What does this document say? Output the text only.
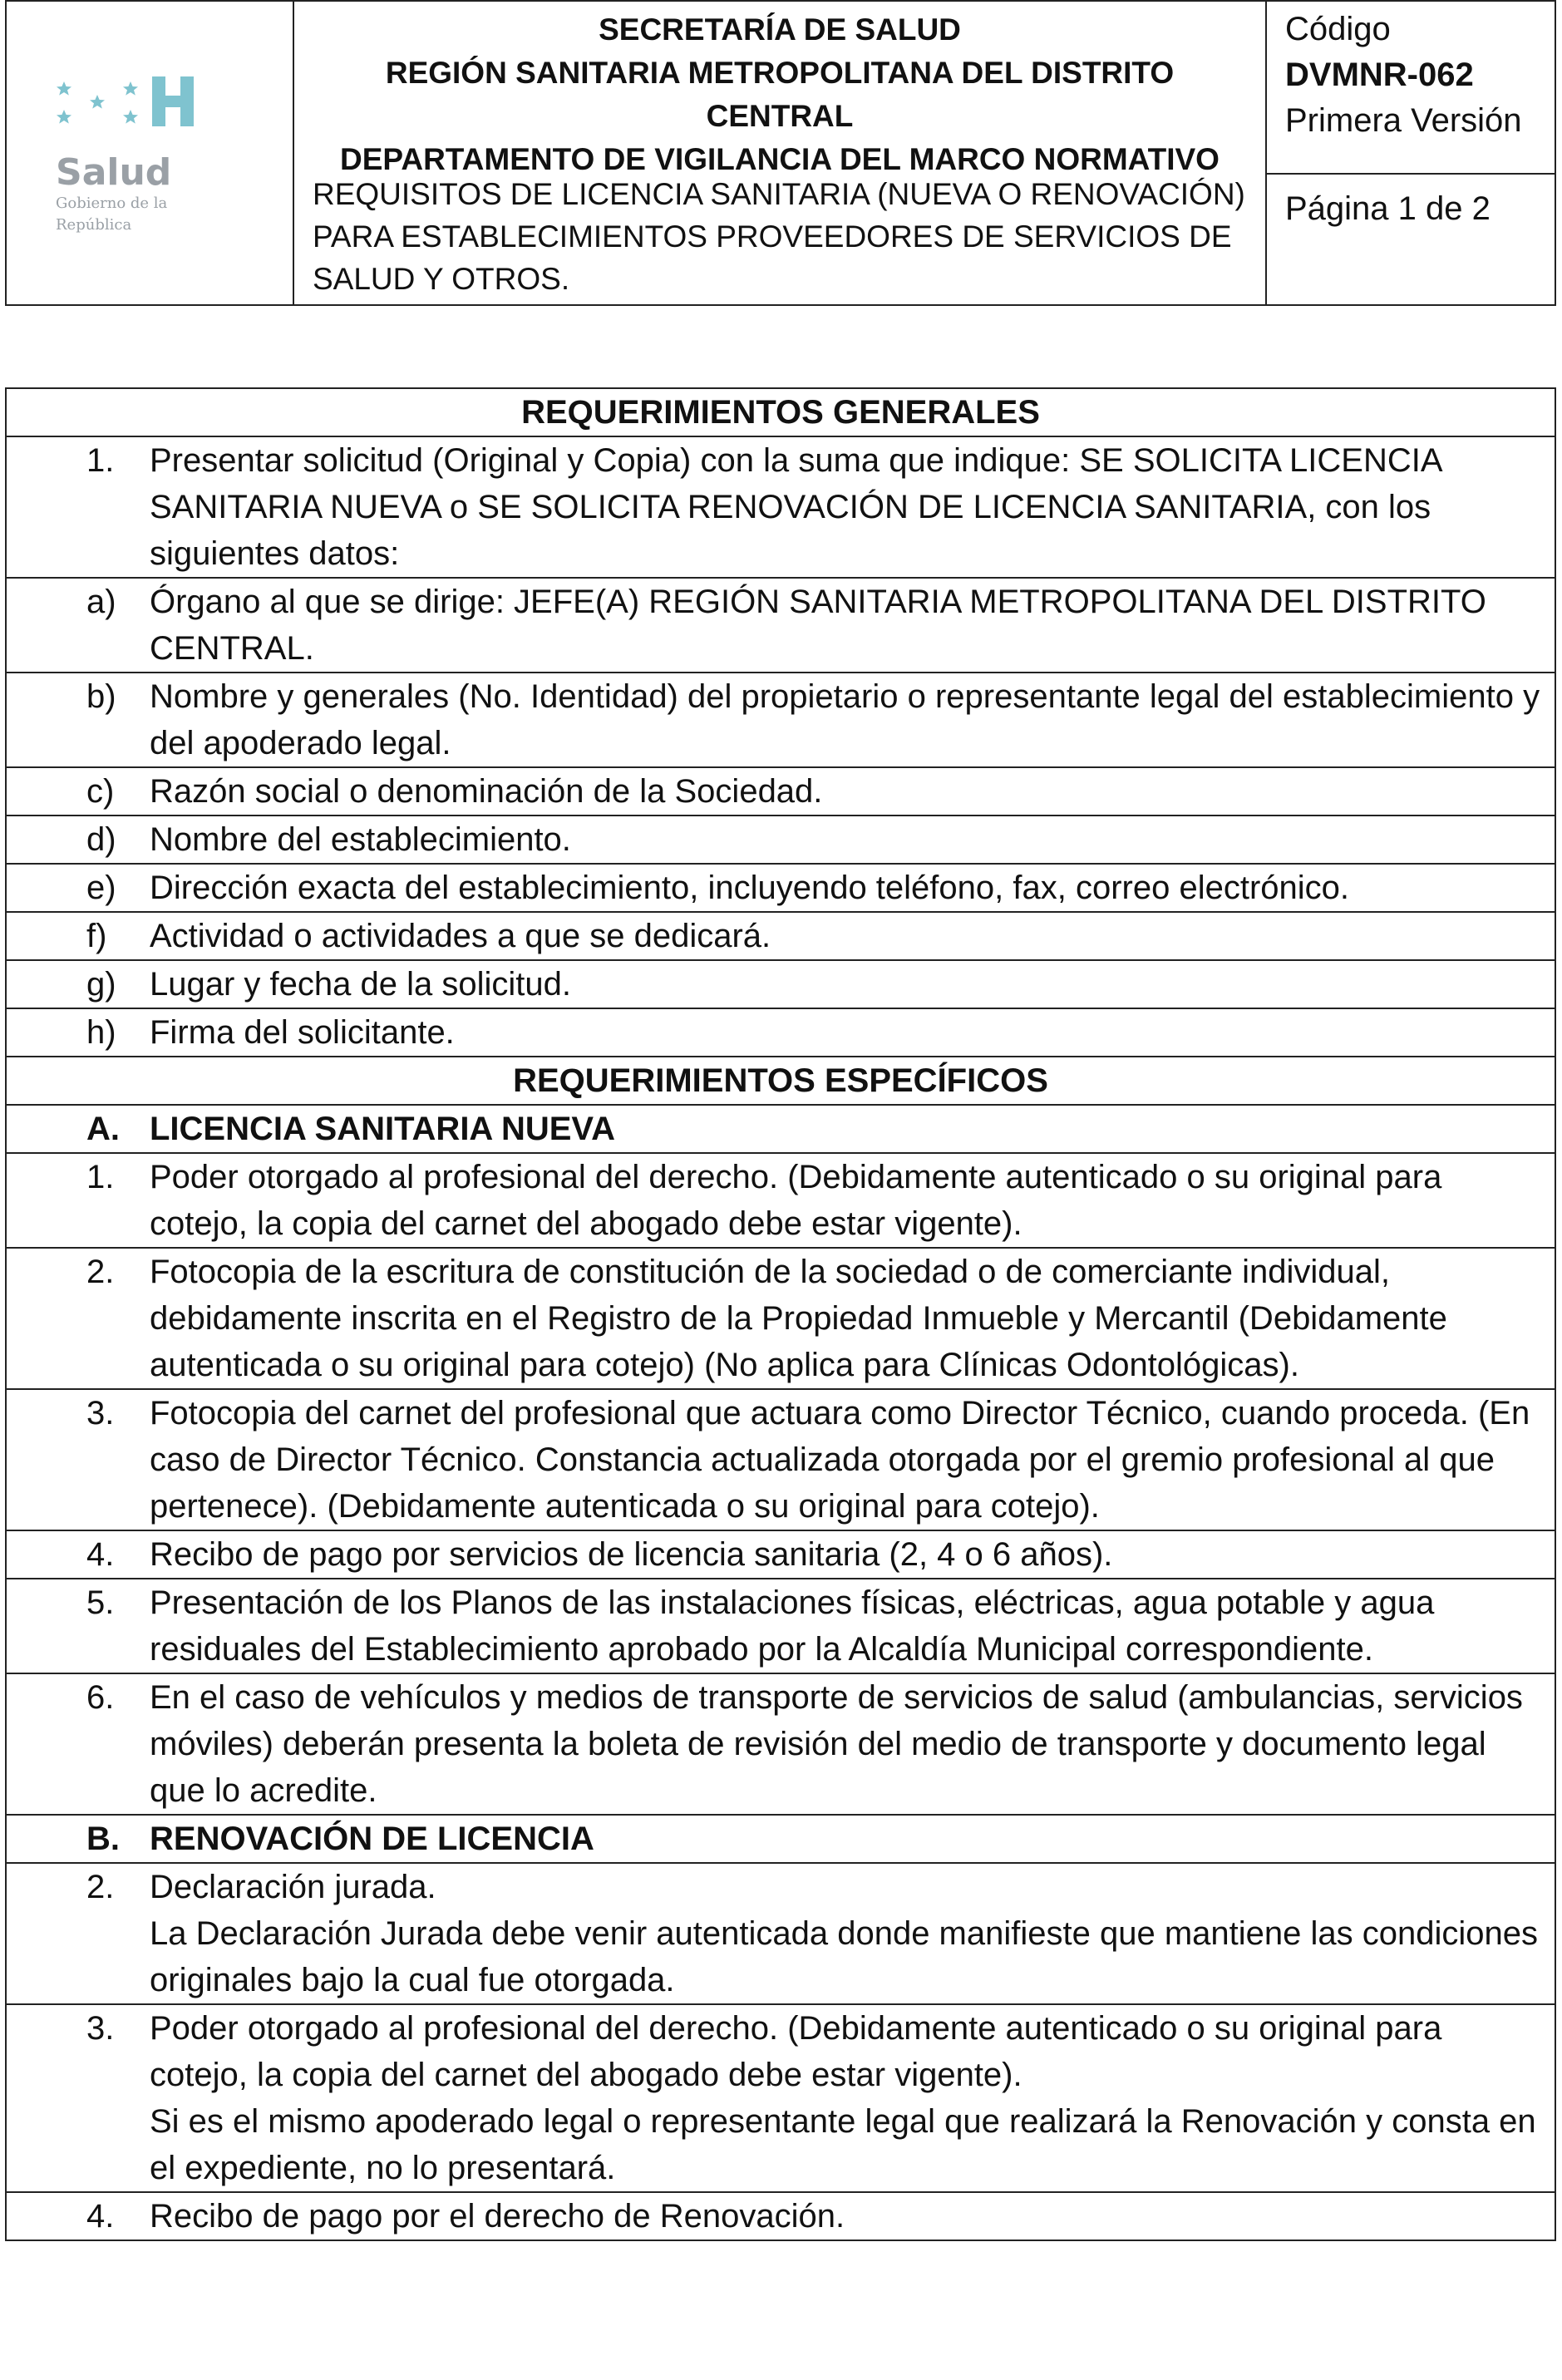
Salud
Gobierno de la República
SECRETARÍA DE SALUD
REGIÓN SANITARIA METROPOLITANA DEL DISTRITO CENTRAL
DEPARTAMENTO DE VIGILANCIA DEL MARCO NORMATIVO
REQUISITOS DE LICENCIA SANITARIA (NUEVA O RENOVACIÓN) PARA ESTABLECIMIENTOS PROVEEDORES DE SERVICIOS DE SALUD Y OTROS.
Código
DVMNR-062
Primera Versión
Página 1 de 2
REQUERIMIENTOS GENERALES
1.	Presentar solicitud (Original y Copia) con la suma que indique: SE SOLICITA LICENCIA SANITARIA NUEVA o SE SOLICITA RENOVACIÓN DE LICENCIA SANITARIA, con los siguientes datos:
a)	Órgano al que se dirige: JEFE(A) REGIÓN SANITARIA METROPOLITANA DEL DISTRITO CENTRAL.
b)	Nombre y generales (No. Identidad) del propietario o representante legal del establecimiento y del apoderado legal.
c)	Razón social o denominación de la Sociedad.
d)	Nombre del establecimiento.
e)	Dirección exacta del establecimiento, incluyendo teléfono, fax, correo electrónico.
f)	Actividad o actividades a que se dedicará.
g)	Lugar y fecha de la solicitud.
h)	Firma del solicitante.
REQUERIMIENTOS ESPECÍFICOS
A. LICENCIA SANITARIA NUEVA
1.	Poder otorgado al profesional del derecho. (Debidamente autenticado o su original para cotejo, la copia del carnet del abogado debe estar vigente).
2.	Fotocopia de la escritura de constitución de la sociedad o de comerciante individual, debidamente inscrita en el Registro de la Propiedad Inmueble y Mercantil (Debidamente autenticada o su original para cotejo) (No aplica para Clínicas Odontológicas).
3.	Fotocopia del carnet del profesional que actuara como Director Técnico, cuando proceda. (En caso de Director Técnico. Constancia actualizada otorgada por el gremio profesional al que pertenece). (Debidamente autenticada o su original para cotejo).
4.	Recibo de pago por servicios de licencia sanitaria (2, 4 o 6 años).
5.	Presentación de los Planos de las instalaciones físicas, eléctricas, agua potable y agua residuales del Establecimiento aprobado por la Alcaldía Municipal correspondiente.
6.	En el caso de vehículos y medios de transporte de servicios de salud (ambulancias, servicios móviles) deberán presenta la boleta de revisión del medio de transporte y documento legal que lo acredite.
B. RENOVACIÓN DE LICENCIA
2.	Declaración jurada.

La Declaración Jurada debe venir autenticada donde manifieste que mantiene las condiciones originales bajo la cual fue otorgada.

3.	Poder otorgado al profesional del derecho. (Debidamente autenticado o su original para cotejo, la copia del carnet del abogado debe estar vigente).

Si es el mismo apoderado legal o representante legal que realizará la Renovación y consta en el expediente, no lo presentará.

4.	Recibo de pago por el derecho de Renovación.
